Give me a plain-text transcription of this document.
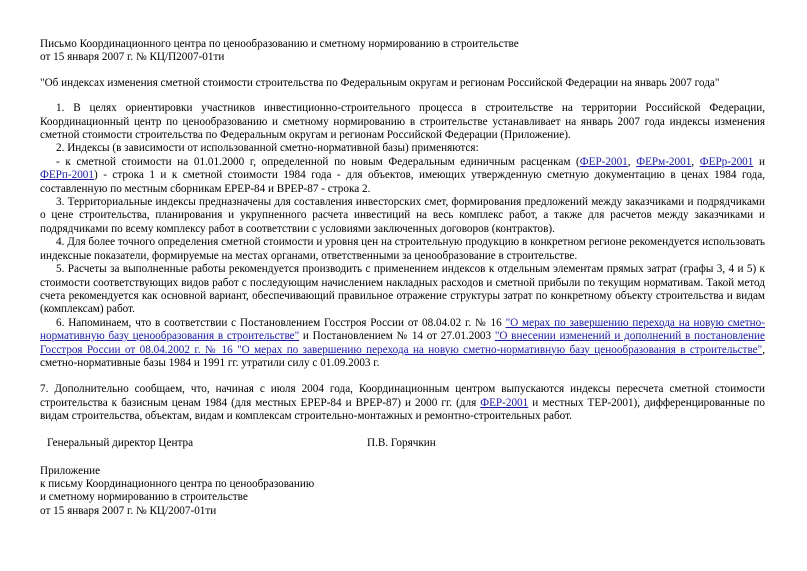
Письмо Координационного центра по ценообразованию и сметному нормированию в строительстве
от 15 января 2007 г. № КЦ/П2007-01ти
"Об индексах изменения сметной стоимости строительства по Федеральным округам и регионам Российской Федерации на январь 2007 года"

1. В целях ориентировки участников инвестиционно-строительного процесса в строительстве на территории Российской Федерации, Координационный центр по ценообразованию и сметному нормированию в строительстве устанавливает на январь 2007 года индексы изменения сметной стоимости строительства по Федеральным округам и регионам Российской Федерации (Приложение).

2. Индексы (в зависимости от использованной сметно-нормативной базы) применяются:

- к сметной стоимости на 01.01.2000 г, определенной по новым Федеральным единичным расценкам (ФЕР-2001, ФЕРм-2001, ФЕРр-2001 и ФЕРп-2001) - строка 1 и к сметной стоимости 1984 года - для объектов, имеющих утвержденную сметную документацию в ценах 1984 года, составленную по местным сборникам ЕРЕР-84 и ВРЕР-87 - строка 2.

3. Территориальные индексы предназначены для составления инвесторских смет, формирования предложений между заказчиками и подрядчиками о цене строительства, планирования и укрупненного расчета инвестиций на весь комплекс работ, а также для расчетов между заказчиками и подрядчиками по всему комплексу работ в соответствии с условиями заключенных договоров (контрактов).

4. Для более точного определения сметной стоимости и уровня цен на строительную продукцию в конкретном регионе рекомендуется использовать индексные показатели, формируемые на местах органами, ответственными за ценообразование в строительстве.

5. Расчеты за выполненные работы рекомендуется производить с применением индексов к отдельным элементам прямых затрат (графы 3, 4 и 5) к стоимости соответствующих видов работ с последующим начислением накладных расходов и сметной прибыли по текущим нормативам. Такой метод счета рекомендуется как основной вариант, обеспечивающий правильное отражение структуры затрат по конкретному объекту строительства и видам (комплексам) работ.

6. Напоминаем, что в соответствии с Постановлением Госстроя России от 08.04.02 г. № 16 "О мерах по завершению перехода на новую сметно-нормативную базу ценообразования в строительстве" и Постановлением № 14 от 27.01.2003 "О внесении изменений и дополнений в постановление Госстроя России от 08.04.2002 г. № 16 "О мерах по завершению перехода на новую сметно-нормативную базу ценообразования в строительстве", сметно-нормативные базы 1984 и 1991 гг. утратили силу с 01.09.2003 г.

7. Дополнительно сообщаем, что, начиная с июля 2004 года, Координационным центром выпускаются индексы пересчета сметной стоимости строительства к базисным ценам 1984 (для местных ЕРЕР-84 и ВРЕР-87) и 2000 гг. (для ФЕР-2001 и местных ТЕР-2001), дифференцированные по видам строительства, объектам, видам и комплексам строительно-монтажных и ремонтно-строительных работ.

Генеральный директор Центра	П.В. Горячкин
Приложение
к письму Координационного центра по ценообразованию
и сметному нормированию в строительстве
от 15 января 2007 г. № КЦ/2007-01ти
